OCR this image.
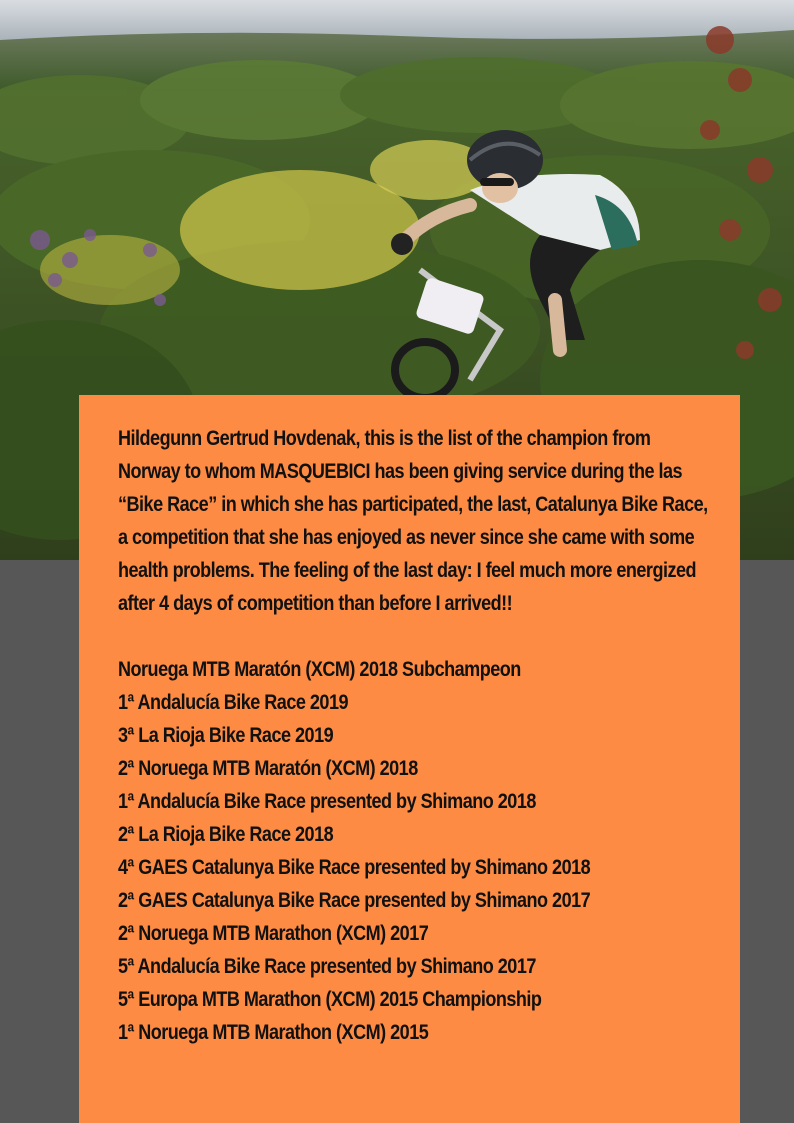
Hildegunn Gertrud Hovdenak, this is the list of the champion from Norway to whom MASQUEBICI has been giving service during the las “Bike Race” in which she has participated, the last, Catalunya Bike Race, a competition that she has enjoyed as never since she came with some health problems. The feeling of the last day: I feel much more energized after 4 days of competition than before I arrived!!

Noruega MTB Maratón (XCM) 2018 Subchampeon
1ª Andalucía Bike Race 2019
3ª La Rioja Bike Race 2019
2ª Noruega MTB Maratón (XCM) 2018
1ª Andalucía Bike Race presented by Shimano 2018
2ª La Rioja Bike Race 2018
4ª GAES Catalunya Bike Race presented by Shimano 2018
2ª GAES Catalunya Bike Race presented by Shimano 2017
2ª Noruega MTB Marathon (XCM) 2017
5ª Andalucía Bike Race presented by Shimano 2017
5ª Europa MTB Marathon (XCM) 2015 Championship
1ª Noruega MTB Marathon (XCM) 2015
